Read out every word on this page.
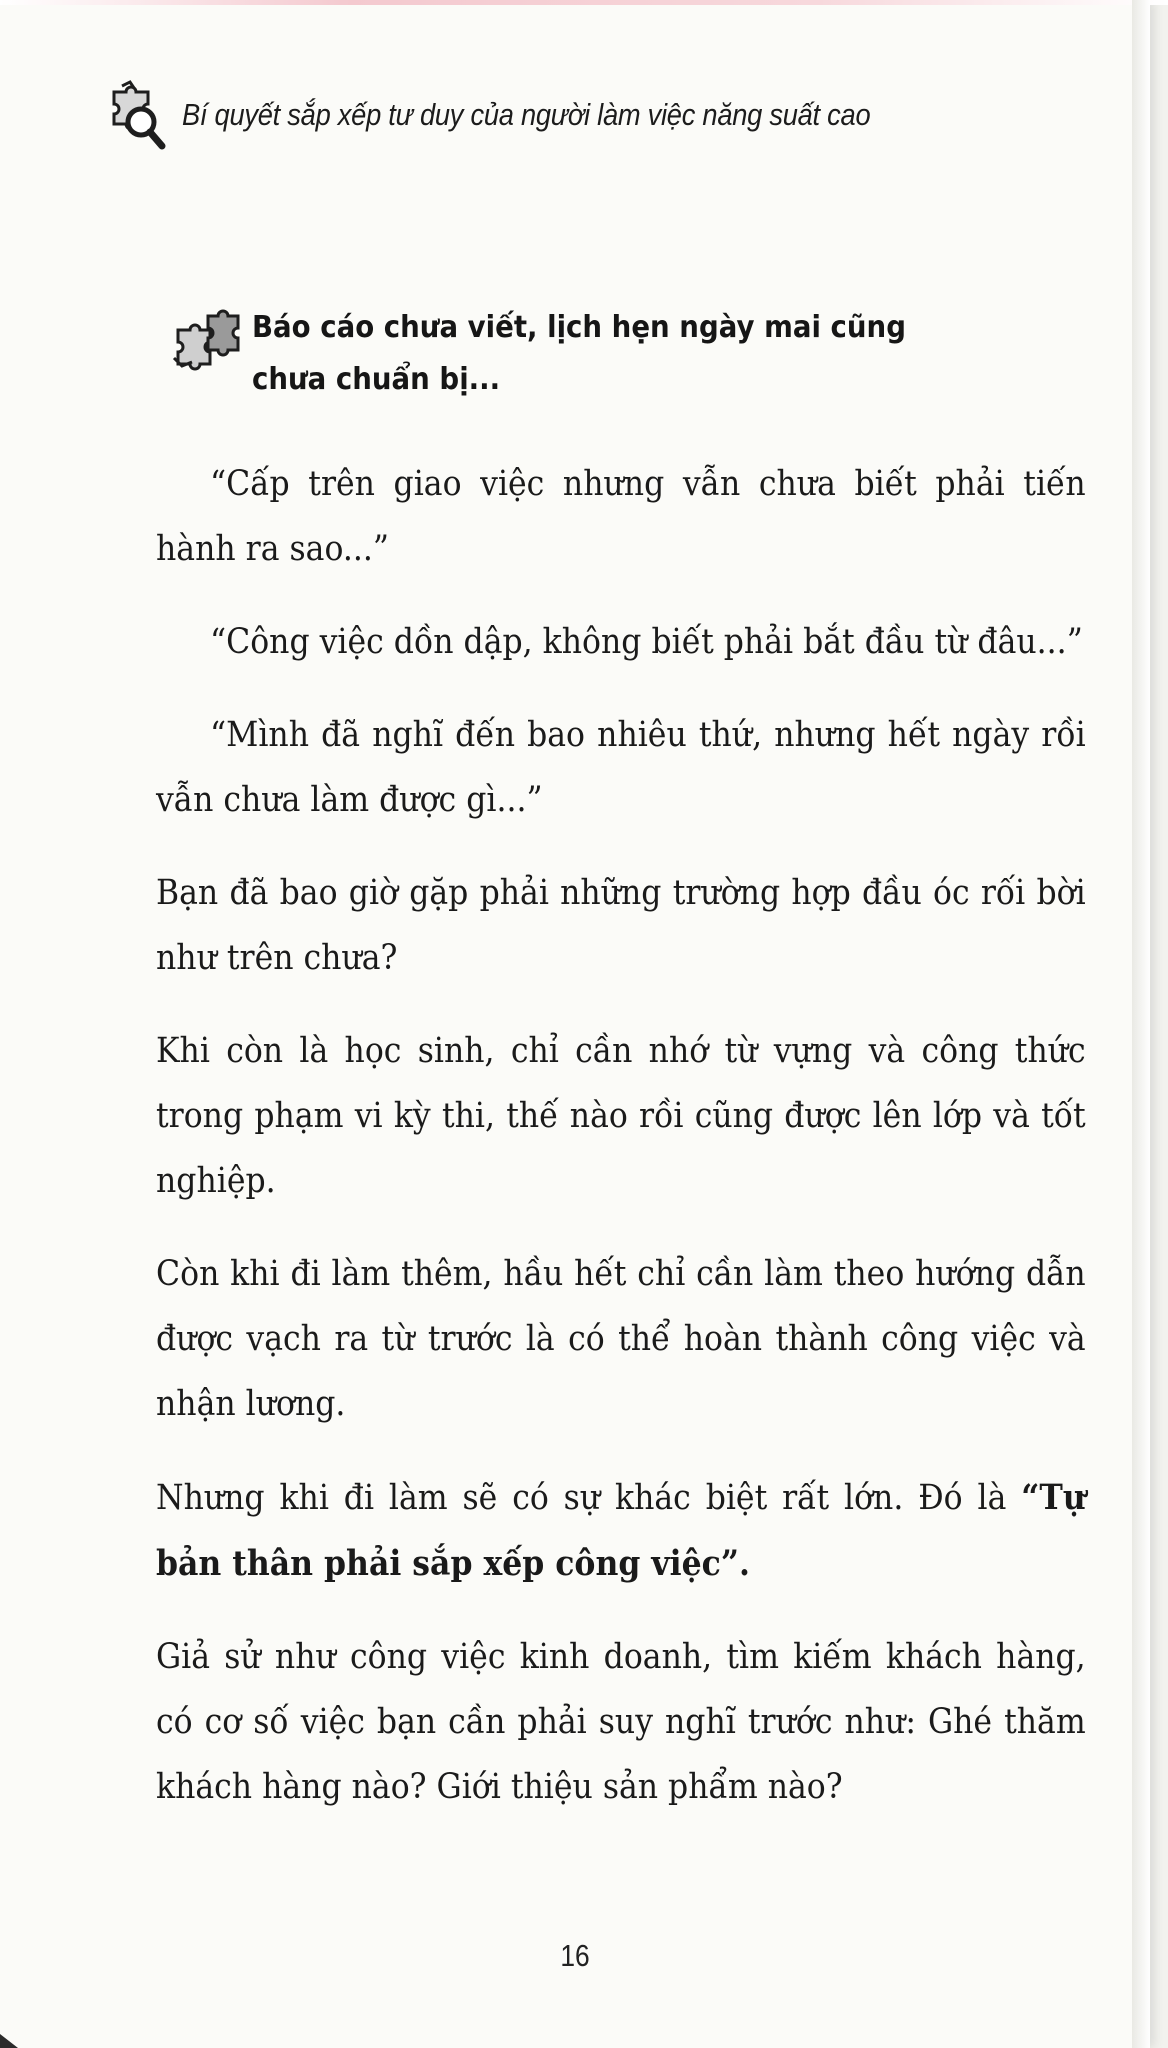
Bí quyết sắp xếp tư duy của người làm việc năng suất cao
Báo cáo chưa viết, lịch hẹn ngày mai cũng chưa chuẩn bị...

“Cấp trên giao việc nhưng vẫn chưa biết phải tiến hành ra sao...”

“Công việc dồn dập, không biết phải bắt đầu từ đâu...”

“Mình đã nghĩ đến bao nhiêu thứ, nhưng hết ngày rồi vẫn chưa làm được gì...”

Bạn đã bao giờ gặp phải những trường hợp đầu óc rối bời như trên chưa?

Khi còn là học sinh, chỉ cần nhớ từ vựng và công thức trong phạm vi kỳ thi, thế nào rồi cũng được lên lớp và tốt nghiệp.

Còn khi đi làm thêm, hầu hết chỉ cần làm theo hướng dẫn được vạch ra từ trước là có thể hoàn thành công việc và nhận lương.

Nhưng khi đi làm sẽ có sự khác biệt rất lớn. Đó là “Tự bản thân phải sắp xếp công việc”.

Giả sử như công việc kinh doanh, tìm kiếm khách hàng, có cơ số việc bạn cần phải suy nghĩ trước như: Ghé thăm khách hàng nào? Giới thiệu sản phẩm nào?

16
